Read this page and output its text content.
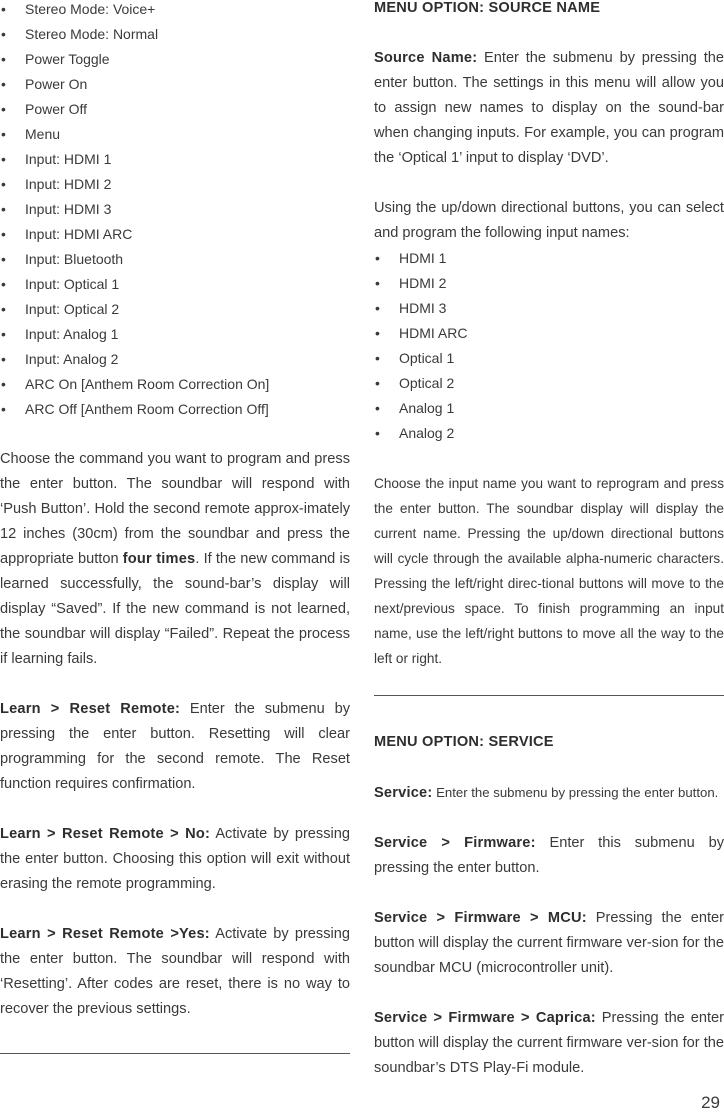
• Stereo Mode: Voice+
• Stereo Mode: Normal
• Power Toggle
• Power On
• Power Off
• Menu
• Input: HDMI 1
• Input: HDMI 2
• Input: HDMI 3
• Input: HDMI ARC
• Input: Bluetooth
• Input: Optical 1
• Input: Optical 2
• Input: Analog 1
• Input: Analog 2
• ARC On [Anthem Room Correction On]
• ARC Off [Anthem Room Correction Off]

Choose the command you want to program and press the enter button. The soundbar will respond with ‘Push Button’. Hold the second remote approx-imately 12 inches (30cm) from the soundbar and press the appropriate button four times. If the new command is learned successfully, the sound-bar’s display will display “Saved”. If the new command is not learned, the soundbar will display “Failed”. Repeat the process if learning fails.

Learn > Reset Remote: Enter the submenu by pressing the enter button. Resetting will clear programming for the second remote. The Reset function requires confirmation.

Learn > Reset Remote > No: Activate by pressing the enter button. Choosing this option will exit without erasing the remote programming.

Learn > Reset Remote >Yes: Activate by pressing the enter button. The soundbar will respond with ‘Resetting’. After codes are reset, there is no way to recover the previous settings.

MENU OPTION: SOURCE NAME

Source Name: Enter the submenu by pressing the enter button. The settings in this menu will allow you to assign new names to display on the sound-bar when changing inputs. For example, you can program the ‘Optical 1’ input to display ‘DVD’.

Using the up/down directional buttons, you can select and program the following input names:

• HDMI 1
• HDMI 2
• HDMI 3
• HDMI ARC
• Optical 1
• Optical 2
• Analog 1
• Analog 2

Choose the input name you want to reprogram and press the enter button. The soundbar display will display the current name. Pressing the up/down directional buttons will cycle through the available alpha-numeric characters. Pressing the left/right direc-tional buttons will move to the next/previous space. To finish programming an input name, use the left/right buttons to move all the way to the left or right.

MENU OPTION: SERVICE

Service: Enter the submenu by pressing the enter button.

Service > Firmware: Enter this submenu by pressing the enter button.

Service > Firmware > MCU: Pressing the enter button will display the current firmware ver-sion for the soundbar MCU (microcontroller unit).

Service > Firmware > Caprica: Pressing the enter button will display the current firmware ver-sion for the soundbar’s DTS Play-Fi module.

29
